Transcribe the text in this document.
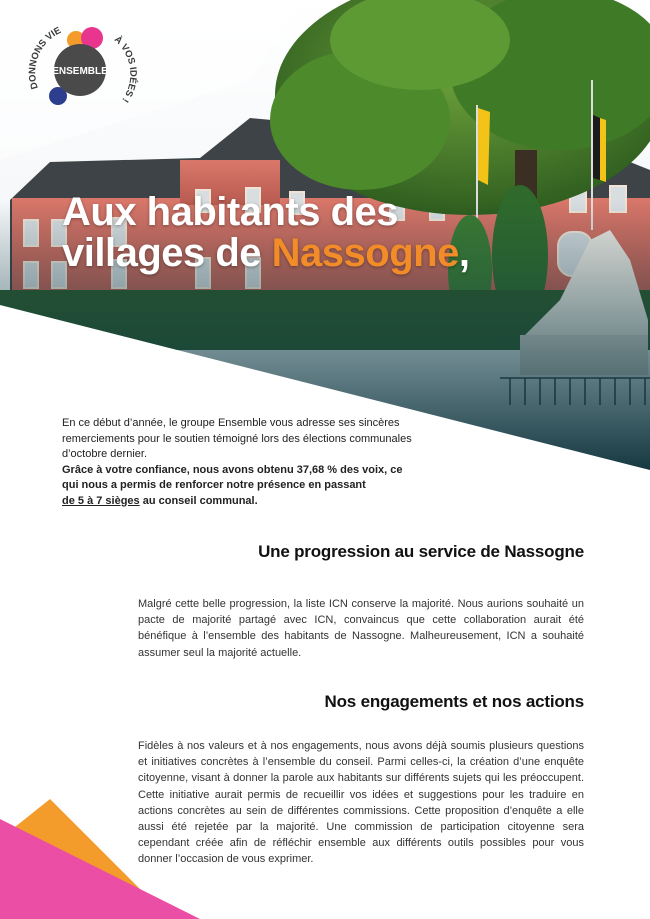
DONNONS VIE
À VOS IDÉES !
ENSEMBLE
Aux habitants des
villages de Nassogne,

En ce début d’année, le groupe Ensemble vous adresse ses sincères remerciements pour le soutien témoigné lors des élections communales d’octobre dernier.

Grâce à votre confiance, nous avons obtenu 37,68 % des voix, ce qui nous a permis de renforcer notre présence en passant
de 5 à 7 sièges au conseil communal.

Une progression au service de Nassogne

Malgré cette belle progression, la liste ICN conserve la majorité. Nous aurions souhaité un pacte de majorité partagé avec ICN, convaincus que cette collaboration aurait été bénéfique à l’ensemble des habitants de Nassogne. Malheureusement, ICN a souhaité assumer seul la majorité actuelle.

Nos engagements et nos actions

Fidèles à nos valeurs et à nos engagements, nous avons déjà soumis plusieurs questions et initiatives concrètes à l’ensemble du conseil. Parmi celles-ci, la création d’une enquête citoyenne, visant à donner la parole aux habitants sur différents sujets qui les préoccupent. Cette initiative aurait permis de recueillir vos idées et suggestions pour les traduire en actions concrètes au sein de différentes commissions. Cette proposition d’enquête a elle aussi été rejetée par la majorité. Une commission de participation citoyenne sera cependant créée afin de réfléchir ensemble aux différents outils possibles pour vous donner l’occasion de vous exprimer.
